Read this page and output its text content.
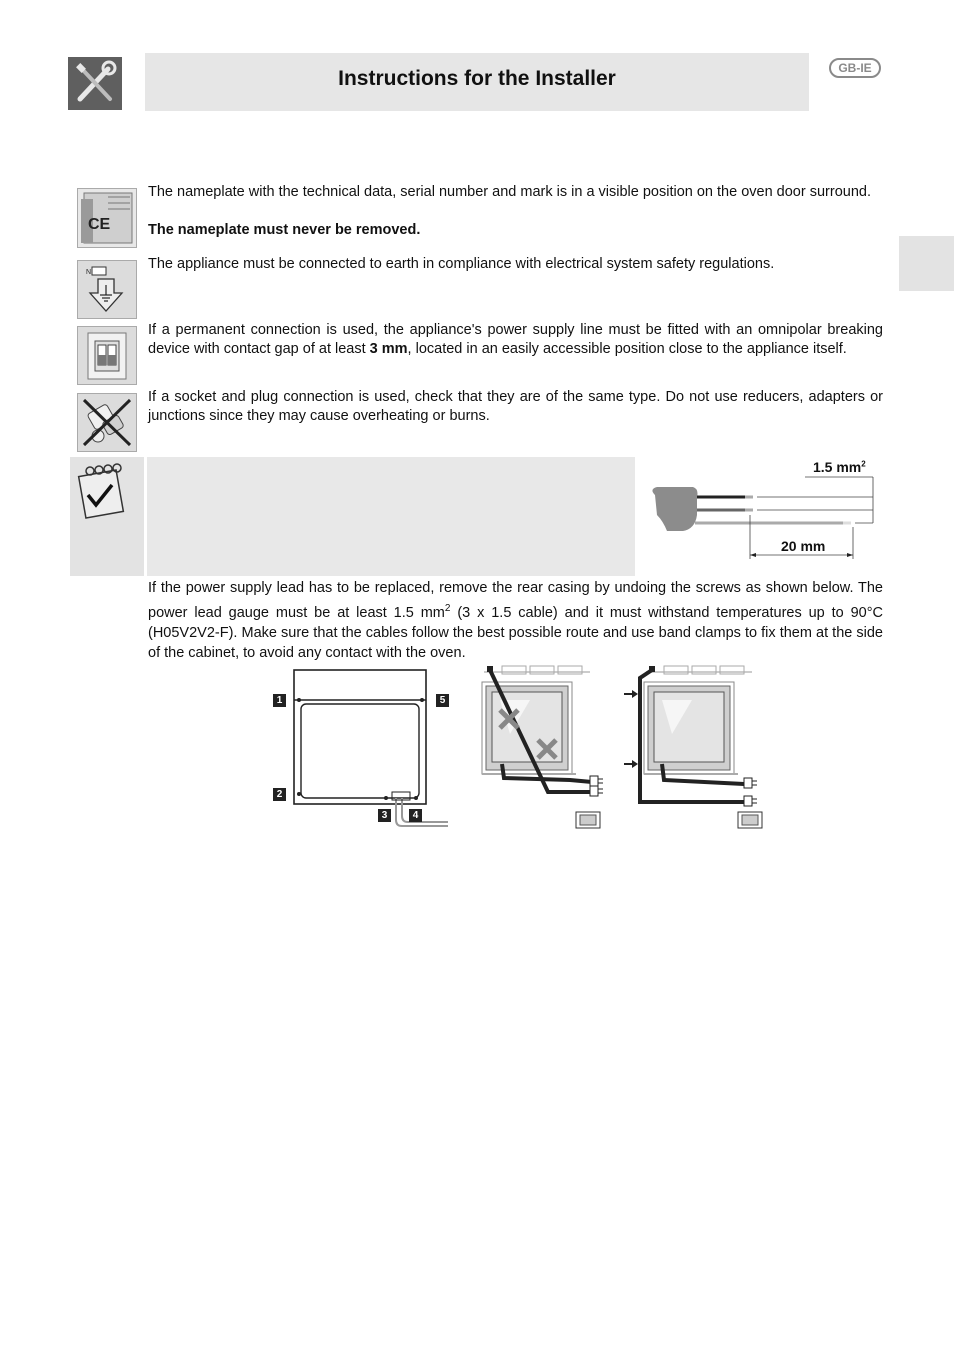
Instructions for the Installer	GB-IE
CE

The nameplate with the technical data, serial number and mark is in a visible position on the oven door surround.

The nameplate must never be removed.

N

The appliance must be connected to earth in compliance with electrical system safety regulations.

If a permanent connection is used, the appliance's power supply line must be fitted with an omnipolar breaking device with contact gap of at least 3 mm, located in an easily accessible position close to the appliance itself.

If a socket and plug connection is used, check that they are of the same type. Do not use reducers, adapters or junctions since they may cause overheating or burns.

1.5 $mm^2$
20 mm

If the power supply lead has to be replaced, remove the rear casing by undoing the screws as shown below. The power lead gauge must be at least 1.5 $mm^2$ (3 x 1.5 cable) and it must withstand temperatures up to 90°C (H05V2V2-F). Make sure that the cables follow the best possible route and use band clamps to fix them at the side of the cabinet, to avoid any contact with the oven.

1
2
3	4
5
